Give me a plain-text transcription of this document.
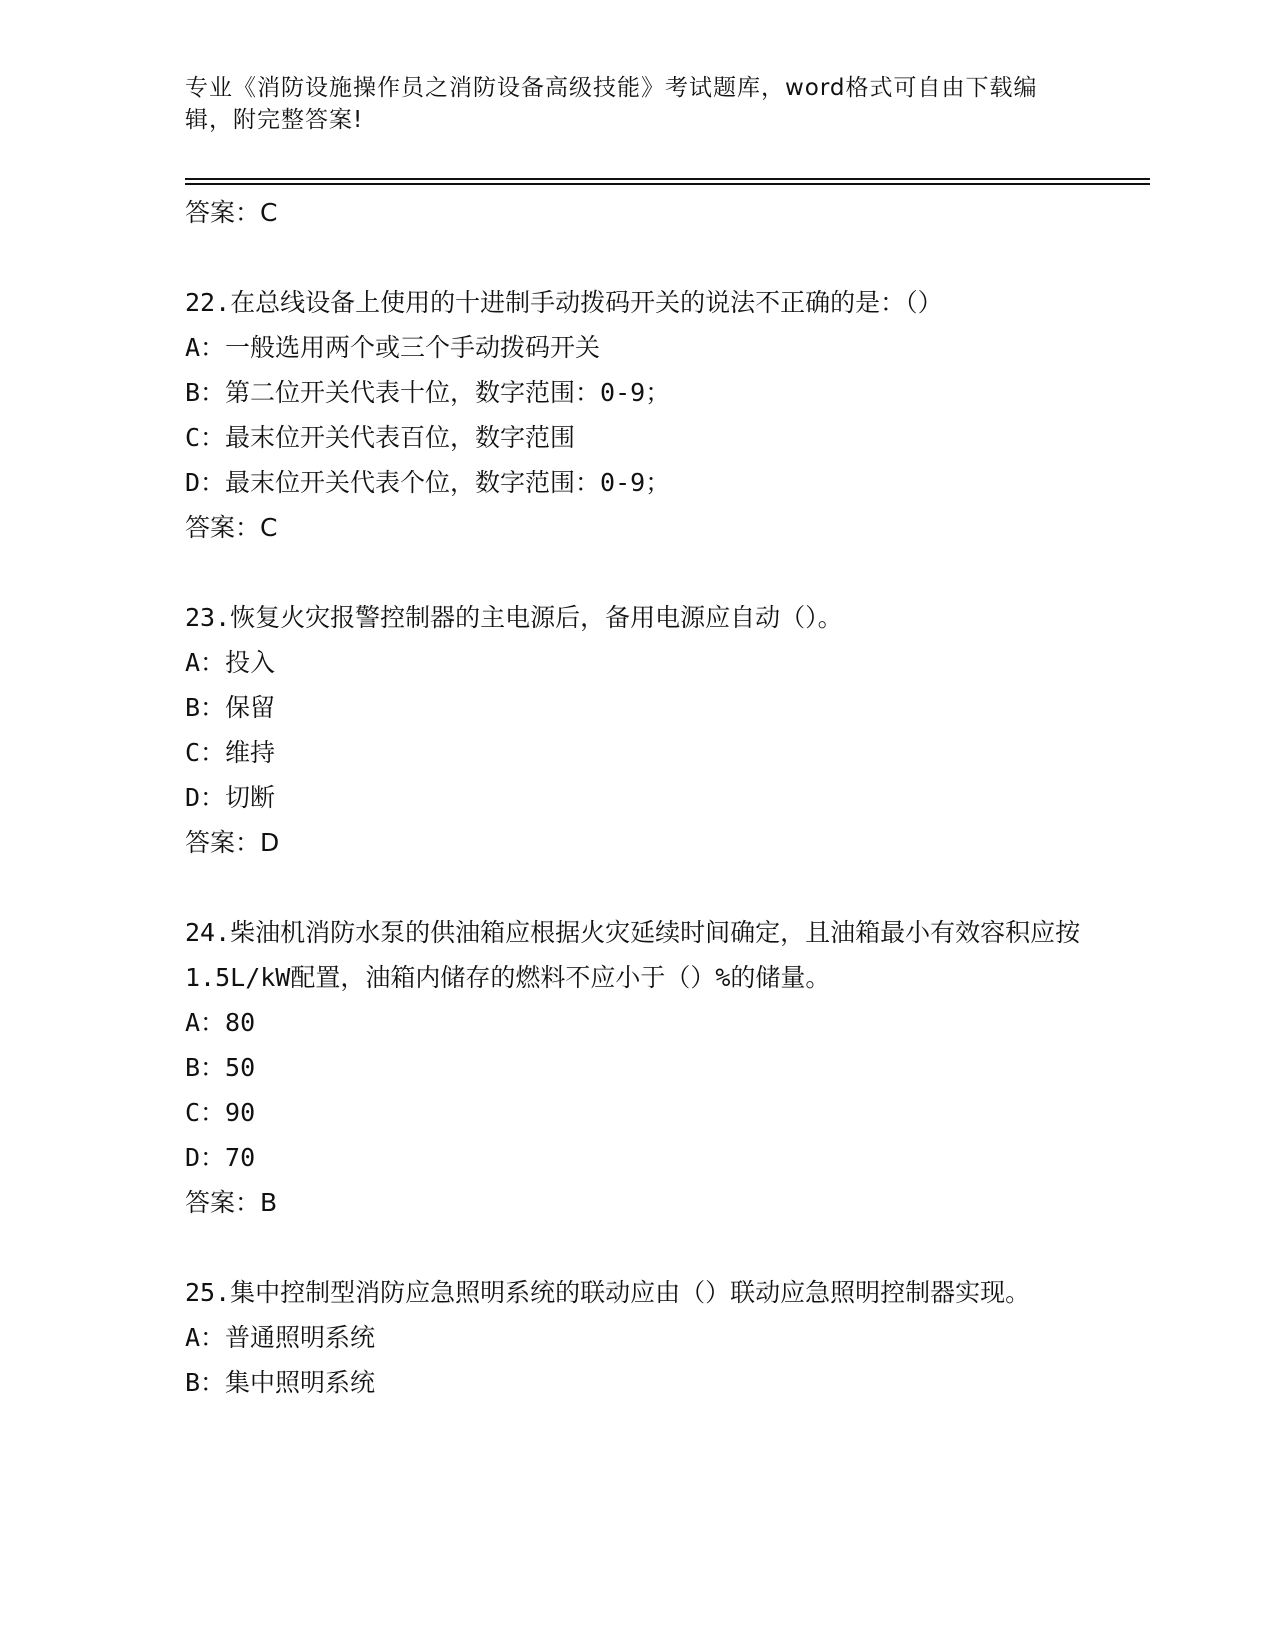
专业《消防设施操作员之消防设备高级技能》考试题库，word格式可自由下载编辑，附完整答案!
答案：C
22.在总线设备上使用的十进制手动拨码开关的说法不正确的是：（）
A：一般选用两个或三个手动拨码开关
B：第二位开关代表十位，数字范围：0-9；
C：最末位开关代表百位，数字范围
D：最末位开关代表个位，数字范围：0-9；
答案：C
23.恢复火灾报警控制器的主电源后，备用电源应自动（）。
A：投入
B：保留
C：维持
D：切断
答案：D
24.柴油机消防水泵的供油箱应根据火灾延续时间确定，且油箱最小有效容积应按1.5L/kW配置，油箱内储存的燃料不应小于（）%的储量。
A：80
B：50
C：90
D：70
答案：B
25.集中控制型消防应急照明系统的联动应由（）联动应急照明控制器实现。
A：普通照明系统
B：集中照明系统
